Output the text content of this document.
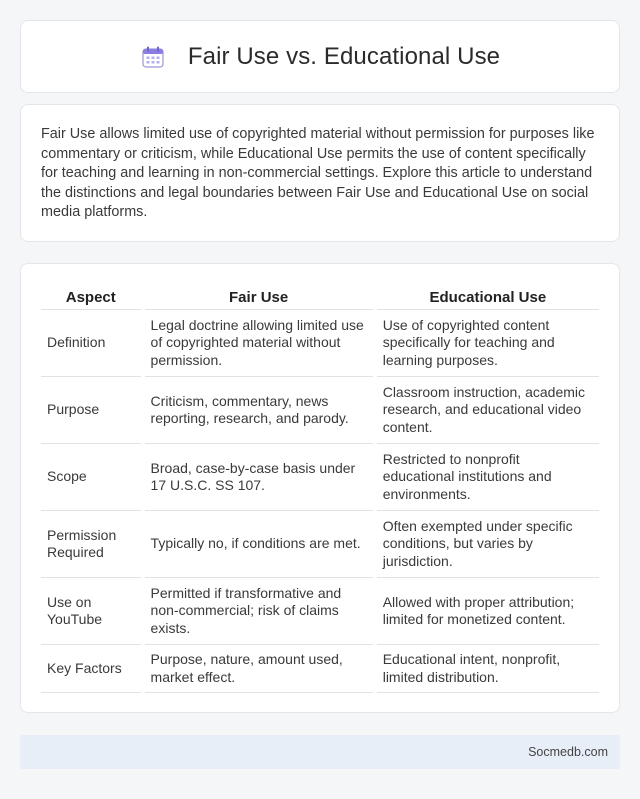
Fair Use vs. Educational Use

Fair Use allows limited use of copyrighted material without permission for purposes like commentary or criticism, while Educational Use permits the use of content specifically for teaching and learning in non-commercial settings. Explore this article to understand the distinctions and legal boundaries between Fair Use and Educational Use on social media platforms.

Aspect	Fair Use	Educational Use
Definition	Legal doctrine allowing limited use of copyrighted material without permission.	Use of copyrighted content specifically for teaching and learning purposes.
Purpose	Criticism, commentary, news reporting, research, and parody.	Classroom instruction, academic research, and educational video content.
Scope	Broad, case-by-case basis under 17 U.S.C. SS 107.	Restricted to nonprofit educational institutions and environments.
Permission Required	Typically no, if conditions are met.	Often exempted under specific conditions, but varies by jurisdiction.
Use on YouTube	Permitted if transformative and non-commercial; risk of claims exists.	Allowed with proper attribution; limited for monetized content.
Key Factors	Purpose, nature, amount used, market effect.	Educational intent, nonprofit, limited distribution.
Socmedb.com
